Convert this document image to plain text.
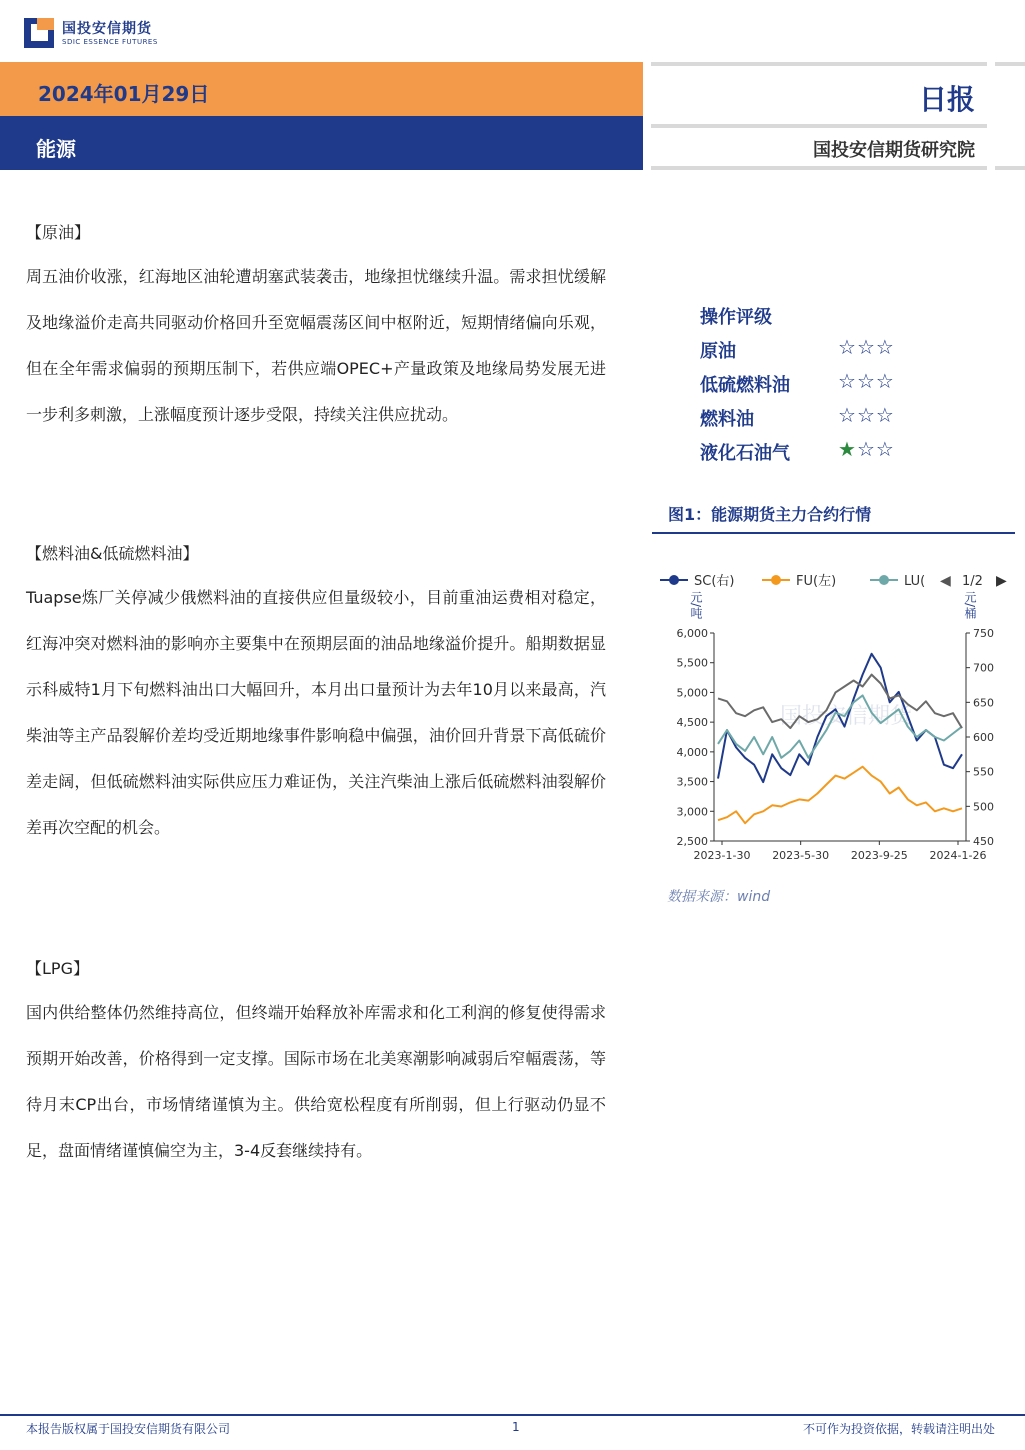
国投安信期货
SDIC ESSENCE FUTURES
2024年01月29日
能源
日报
国投安信期货研究院
【原油】
周五油价收涨，红海地区油轮遭胡塞武装袭击，地缘担忧继续升温。需求担忧缓解及地缘溢价走高共同驱动价格回升至宽幅震荡区间中枢附近，短期情绪偏向乐观，但在全年需求偏弱的预期压制下，若供应端OPEC+产量政策及地缘局势发展无进一步利多刺激，上涨幅度预计逐步受限，持续关注供应扰动。
【燃料油&低硫燃料油】
Tuapse炼厂关停减少俄燃料油的直接供应但量级较小，目前重油运费相对稳定，红海冲突对燃料油的影响亦主要集中在预期层面的油品地缘溢价提升。船期数据显示科威特1月下旬燃料油出口大幅回升，本月出口量预计为去年10月以来最高，汽柴油等主产品裂解价差均受近期地缘事件影响稳中偏强，油价回升背景下高低硫价差走阔，但低硫燃料油实际供应压力难证伪，关注汽柴油上涨后低硫燃料油裂解价差再次空配的机会。
【LPG】
国内供给整体仍然维持高位，但终端开始释放补库需求和化工利润的修复使得需求预期开始改善，价格得到一定支撑。国际市场在北美寒潮影响减弱后窄幅震荡，等待月末CP出台，市场情绪谨慎为主。供给宽松程度有所削弱，但上行驱动仍显不足，盘面情绪谨慎偏空为主，3-4反套继续持有。
操作评级
原油	☆☆☆
低硫燃料油 ☆☆☆
燃料油	☆☆☆
液化石油气 ★☆☆
图1：能源期货主力合约行情
SC(右)	FU(左)	LU( ◀ 1/2 ▶
国投安信期货
元/吨	元/桶
2,500
3,000
3,500
4,000
4,500
5,000
5,500
6,000
450
500
550
600
650
700
750
2023-1-30 2023-5-30 2023-9-25 2024-1-26
数据来源：wind
本报告版权属于国投安信期货有限公司	1	不可作为投资依据，转载请注明出处
